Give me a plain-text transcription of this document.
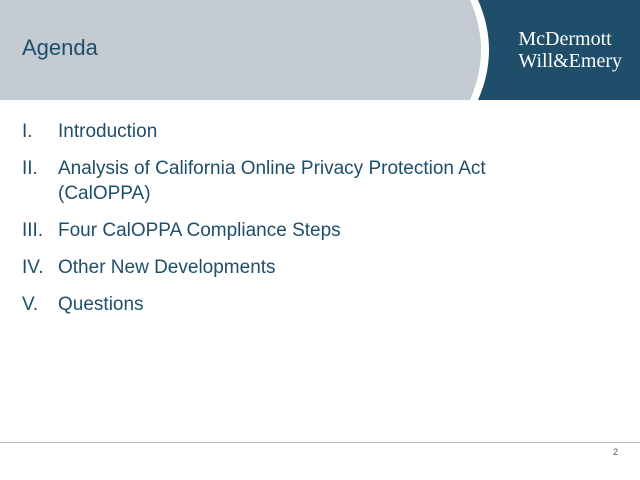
Agenda	McDermott
Will&Emery
I.	Introduction
II.	Analysis of California Online Privacy Protection Act (CalOPPA)
III. Four CalOPPA Compliance Steps
IV. Other New Developments
V.	Questions
2
